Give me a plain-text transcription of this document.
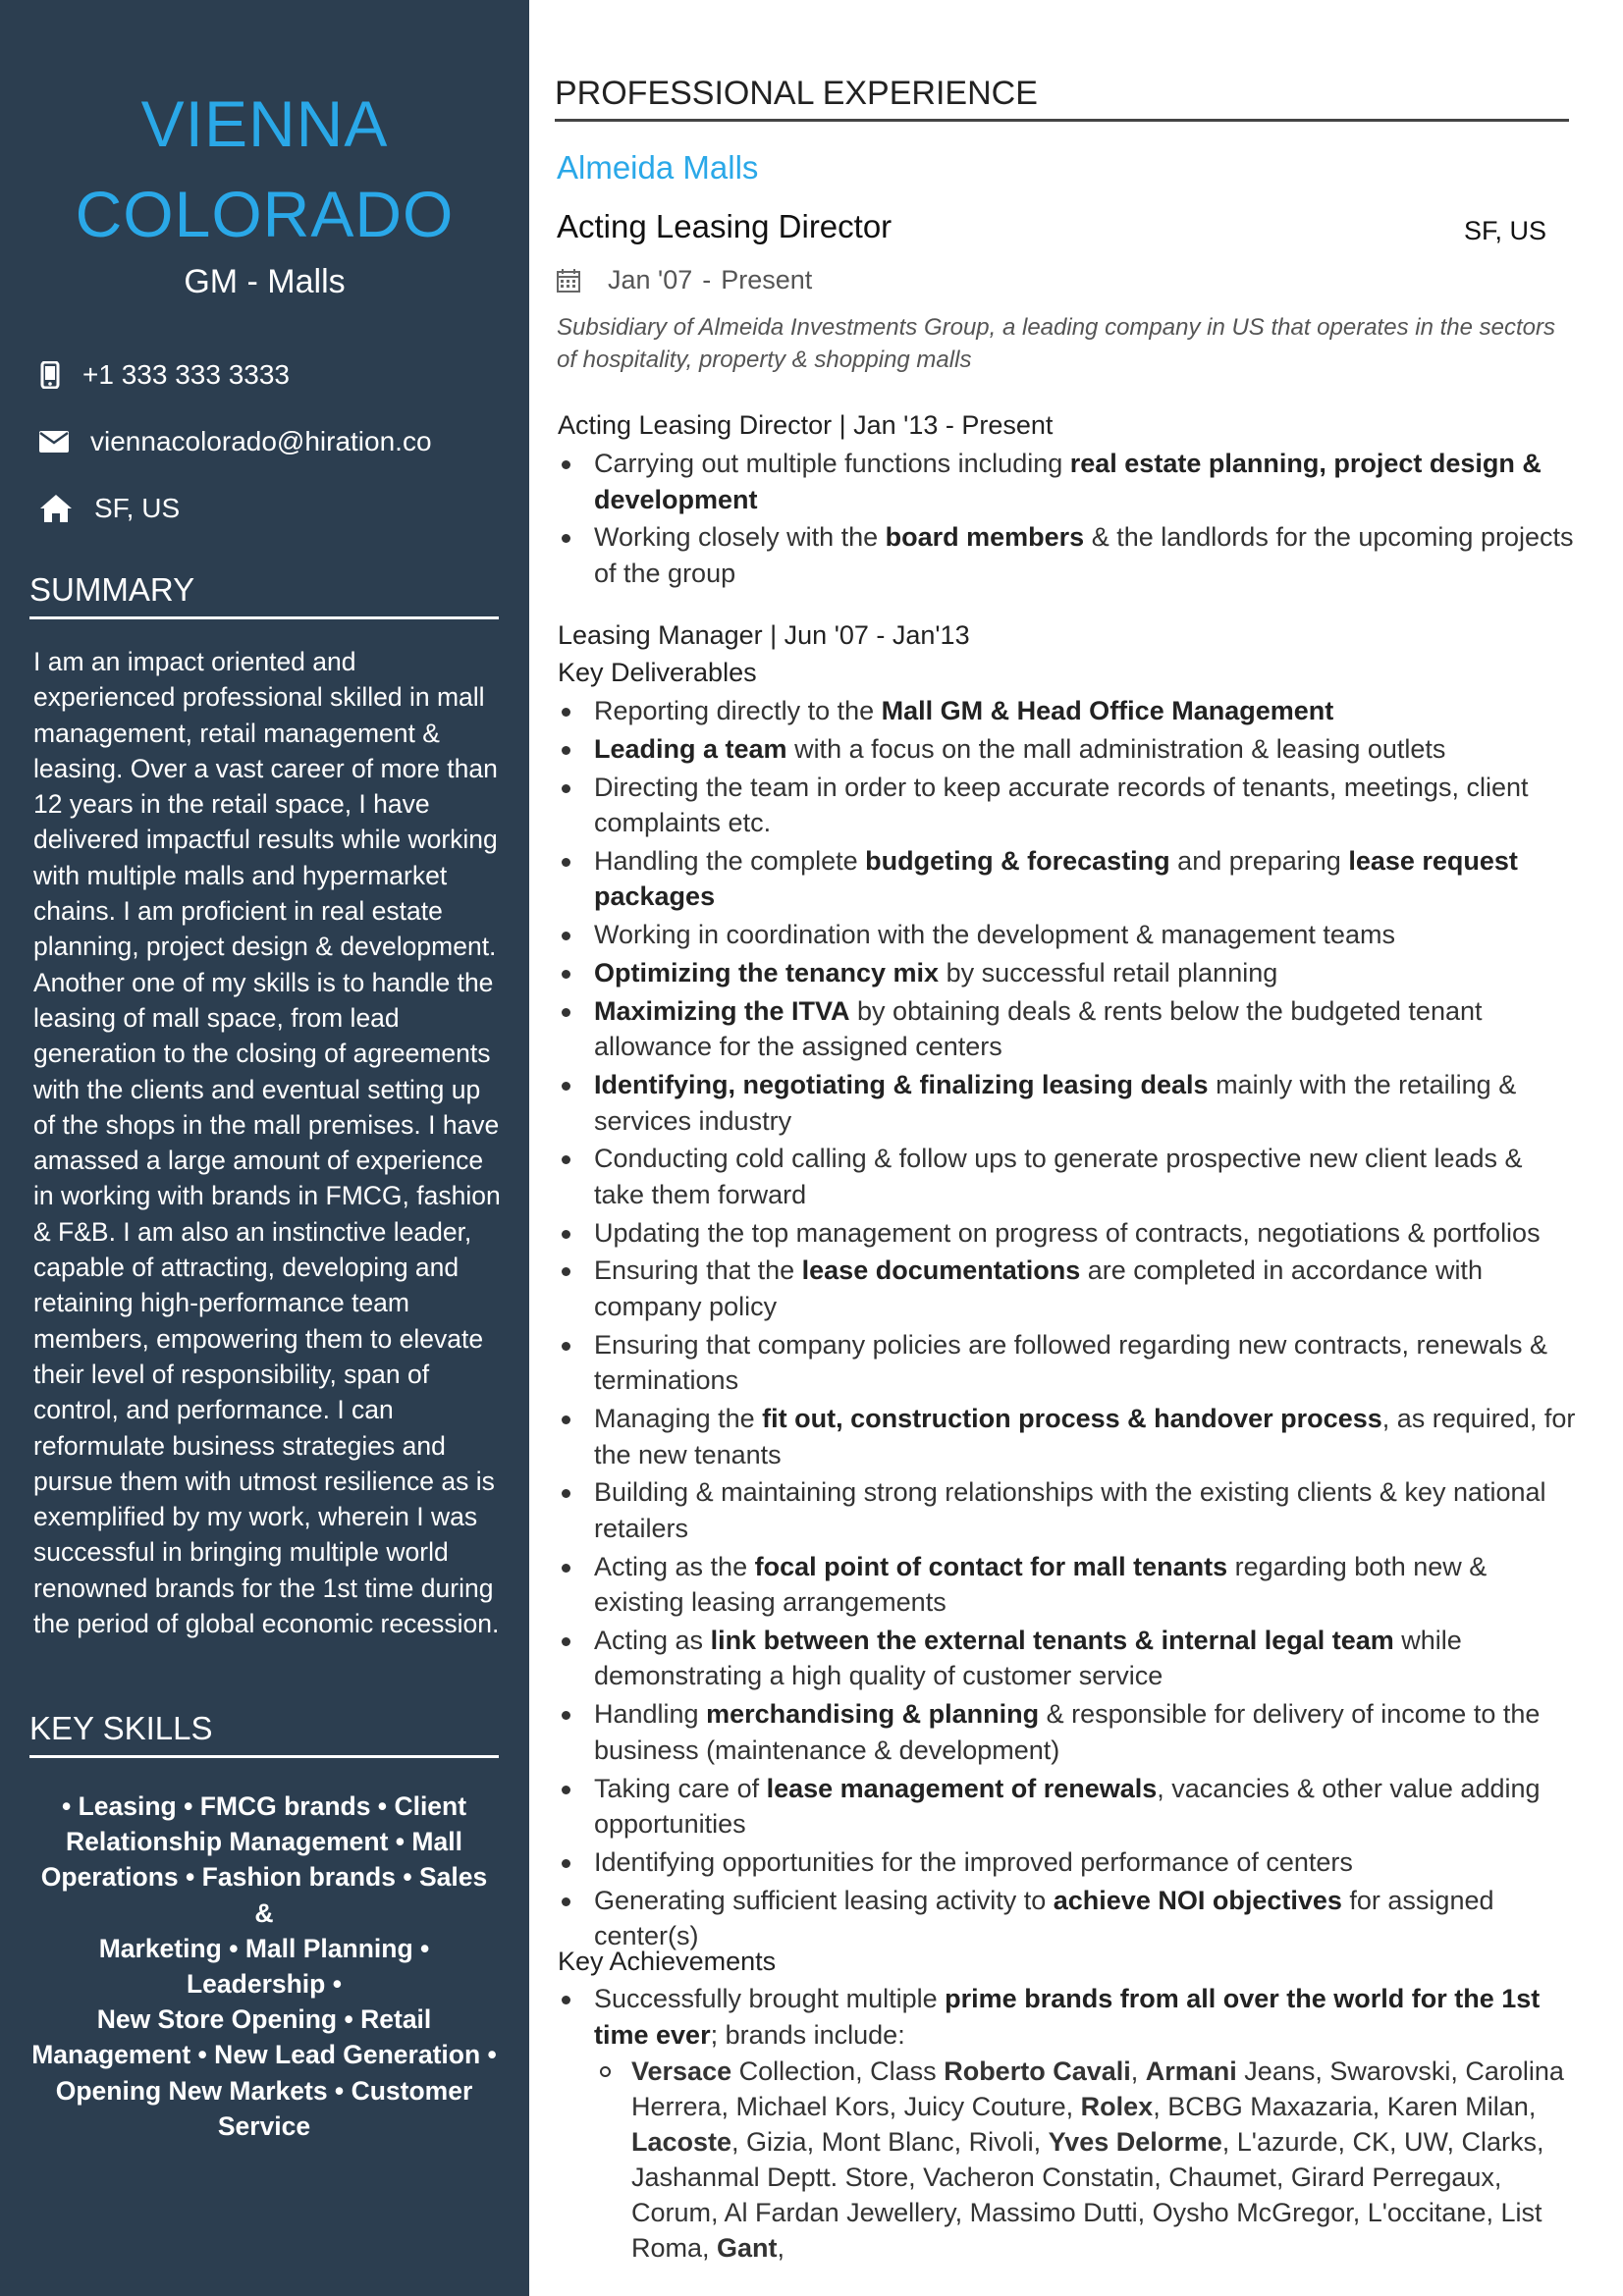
VIENNA
COLORADO
GM - Malls
+1 333 333 3333
viennacolorado@hiration.co
SF, US
SUMMARY
I am an impact oriented and experienced professional skilled in mall management, retail management & leasing. Over a vast career of more than 12 years in the retail space, I have delivered impactful results while working with multiple malls and hypermarket chains. I am proficient in real estate planning, project design & development. Another one of my skills is to handle the leasing of mall space, from lead generation to the closing of agreements with the clients and eventual setting up of the shops in the mall premises. I have amassed a large amount of experience in working with brands in FMCG, fashion & F&B. I am also an instinctive leader, capable of attracting, developing and retaining high-performance team members, empowering them to elevate their level of responsibility, span of control, and performance. I can reformulate business strategies and pursue them with utmost resilience as is exemplified by my work, wherein I was successful in bringing multiple world renowned brands for the 1st time during the period of global economic recession.
KEY SKILLS
• Leasing • FMCG brands • Client
Relationship Management • Mall
Operations • Fashion brands • Sales &
Marketing • Mall Planning • Leadership •
New Store Opening • Retail
Management • New Lead Generation •
Opening New Markets • Customer
Service
PROFESSIONAL EXPERIENCE
Almeida Malls
Acting Leasing Director	SF, US
Jan '07 - Present
Subsidiary of Almeida Investments Group, a leading company in US that operates in the sectors of hospitality, property & shopping malls
Acting Leasing Director | Jan '13 - Present
Carrying out multiple functions including real estate planning, project design & development
Working closely with the board members & the landlords for the upcoming projects of the group
Leasing Manager | Jun '07 - Jan'13
Key Deliverables
Reporting directly to the Mall GM & Head Office Management
Leading a team with a focus on the mall administration & leasing outlets
Directing the team in order to keep accurate records of tenants, meetings, client complaints etc.
Handling the complete budgeting & forecasting and preparing lease request packages
Working in coordination with the development & management teams
Optimizing the tenancy mix by successful retail planning
Maximizing the ITVA by obtaining deals & rents below the budgeted tenant allowance for the assigned centers
Identifying, negotiating & finalizing leasing deals mainly with the retailing & services industry
Conducting cold calling & follow ups to generate prospective new client leads & take them forward
Updating the top management on progress of contracts, negotiations & portfolios
Ensuring that the lease documentations are completed in accordance with company policy
Ensuring that company policies are followed regarding new contracts, renewals & terminations
Managing the fit out, construction process & handover process, as required, for the new tenants
Building & maintaining strong relationships with the existing clients & key national retailers
Acting as the focal point of contact for mall tenants regarding both new & existing leasing arrangements
Acting as link between the external tenants & internal legal team while demonstrating a high quality of customer service
Handling merchandising & planning & responsible for delivery of income to the business (maintenance & development)
Taking care of lease management of renewals, vacancies & other value adding opportunities
Identifying opportunities for the improved performance of centers
Generating sufficient leasing activity to achieve NOI objectives for assigned center(s)
Key Achievements
Successfully brought multiple prime brands from all over the world for the 1st time ever; brands include:
Versace Collection, Class Roberto Cavali, Armani Jeans, Swarovski, Carolina Herrera, Michael Kors, Juicy Couture, Rolex, BCBG Maxazaria, Karen Milan, Lacoste, Gizia, Mont Blanc, Rivoli, Yves Delorme, L'azurde, CK, UW, Clarks, Jashanmal Deptt. Store, Vacheron Constatin, Chaumet, Girard Perregaux, Corum, Al Fardan Jewellery, Massimo Dutti, Oysho McGregor, L'occitane, List Roma, Gant,
